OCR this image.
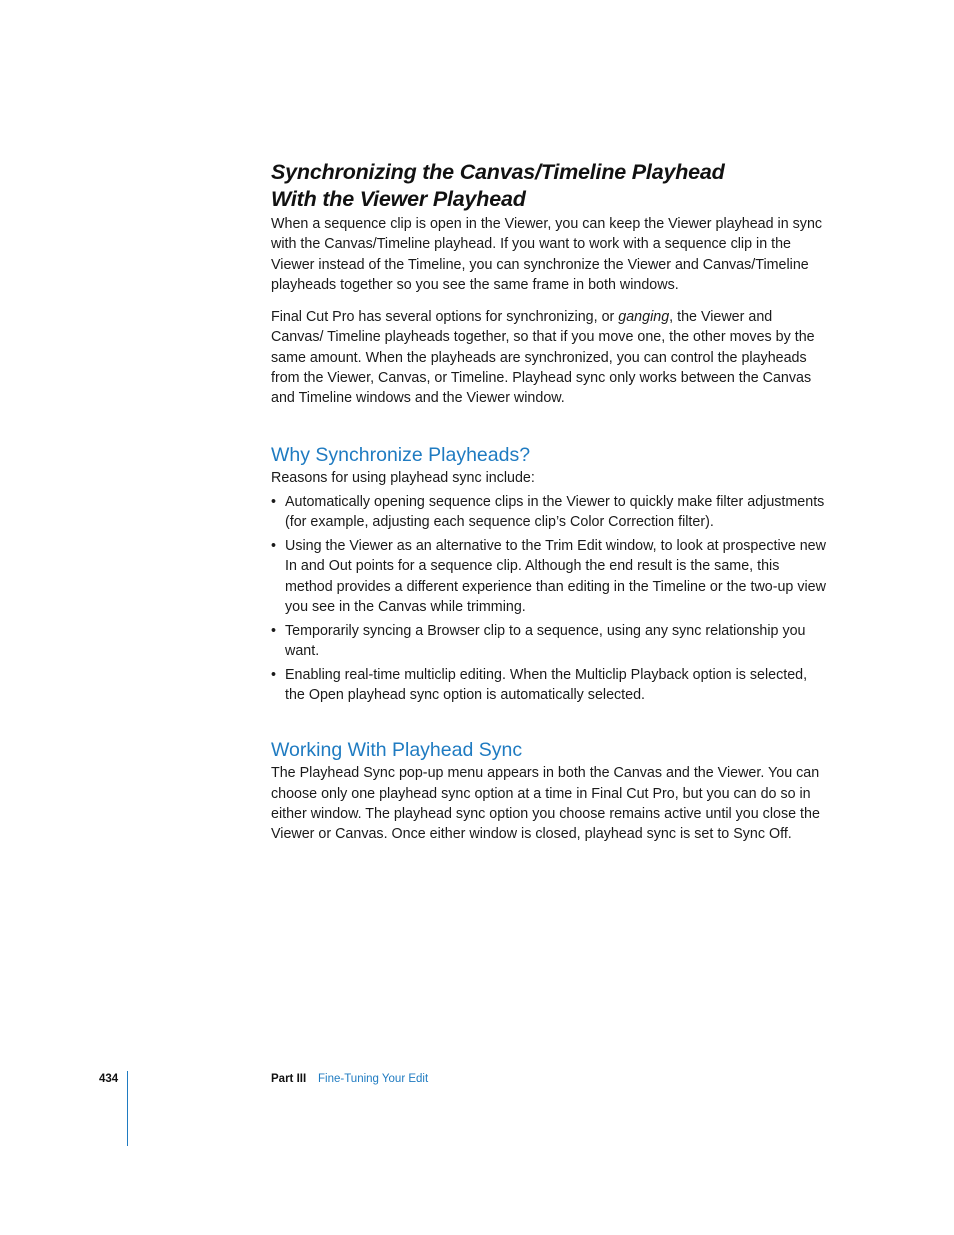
Synchronizing the Canvas/Timeline Playhead
With the Viewer Playhead

When a sequence clip is open in the Viewer, you can keep the Viewer playhead in sync with the Canvas/Timeline playhead. If you want to work with a sequence clip in the Viewer instead of the Timeline, you can synchronize the Viewer and Canvas/Timeline playheads together so you see the same frame in both windows.

Final Cut Pro has several options for synchronizing, or ganging, the Viewer and Canvas/ Timeline playheads together, so that if you move one, the other moves by the same amount. When the playheads are synchronized, you can control the playheads from the Viewer, Canvas, or Timeline. Playhead sync only works between the Canvas and Timeline windows and the Viewer window.

Why Synchronize Playheads?

Reasons for using playhead sync include:

• Automatically opening sequence clips in the Viewer to quickly make filter adjustments (for example, adjusting each sequence clip’s Color Correction filter).
• Using the Viewer as an alternative to the Trim Edit window, to look at prospective new In and Out points for a sequence clip. Although the end result is the same, this method provides a different experience than editing in the Timeline or the two-up view you see in the Canvas while trimming.
• Temporarily syncing a Browser clip to a sequence, using any sync relationship you want.
• Enabling real-time multiclip editing. When the Multiclip Playback option is selected, the Open playhead sync option is automatically selected.
Working With Playhead Sync

The Playhead Sync pop-up menu appears in both the Canvas and the Viewer. You can choose only one playhead sync option at a time in Final Cut Pro, but you can do so in either window. The playhead sync option you choose remains active until you close the Viewer or Canvas. Once either window is closed, playhead sync is set to Sync Off.

434	Part III Fine-Tuning Your Edit
